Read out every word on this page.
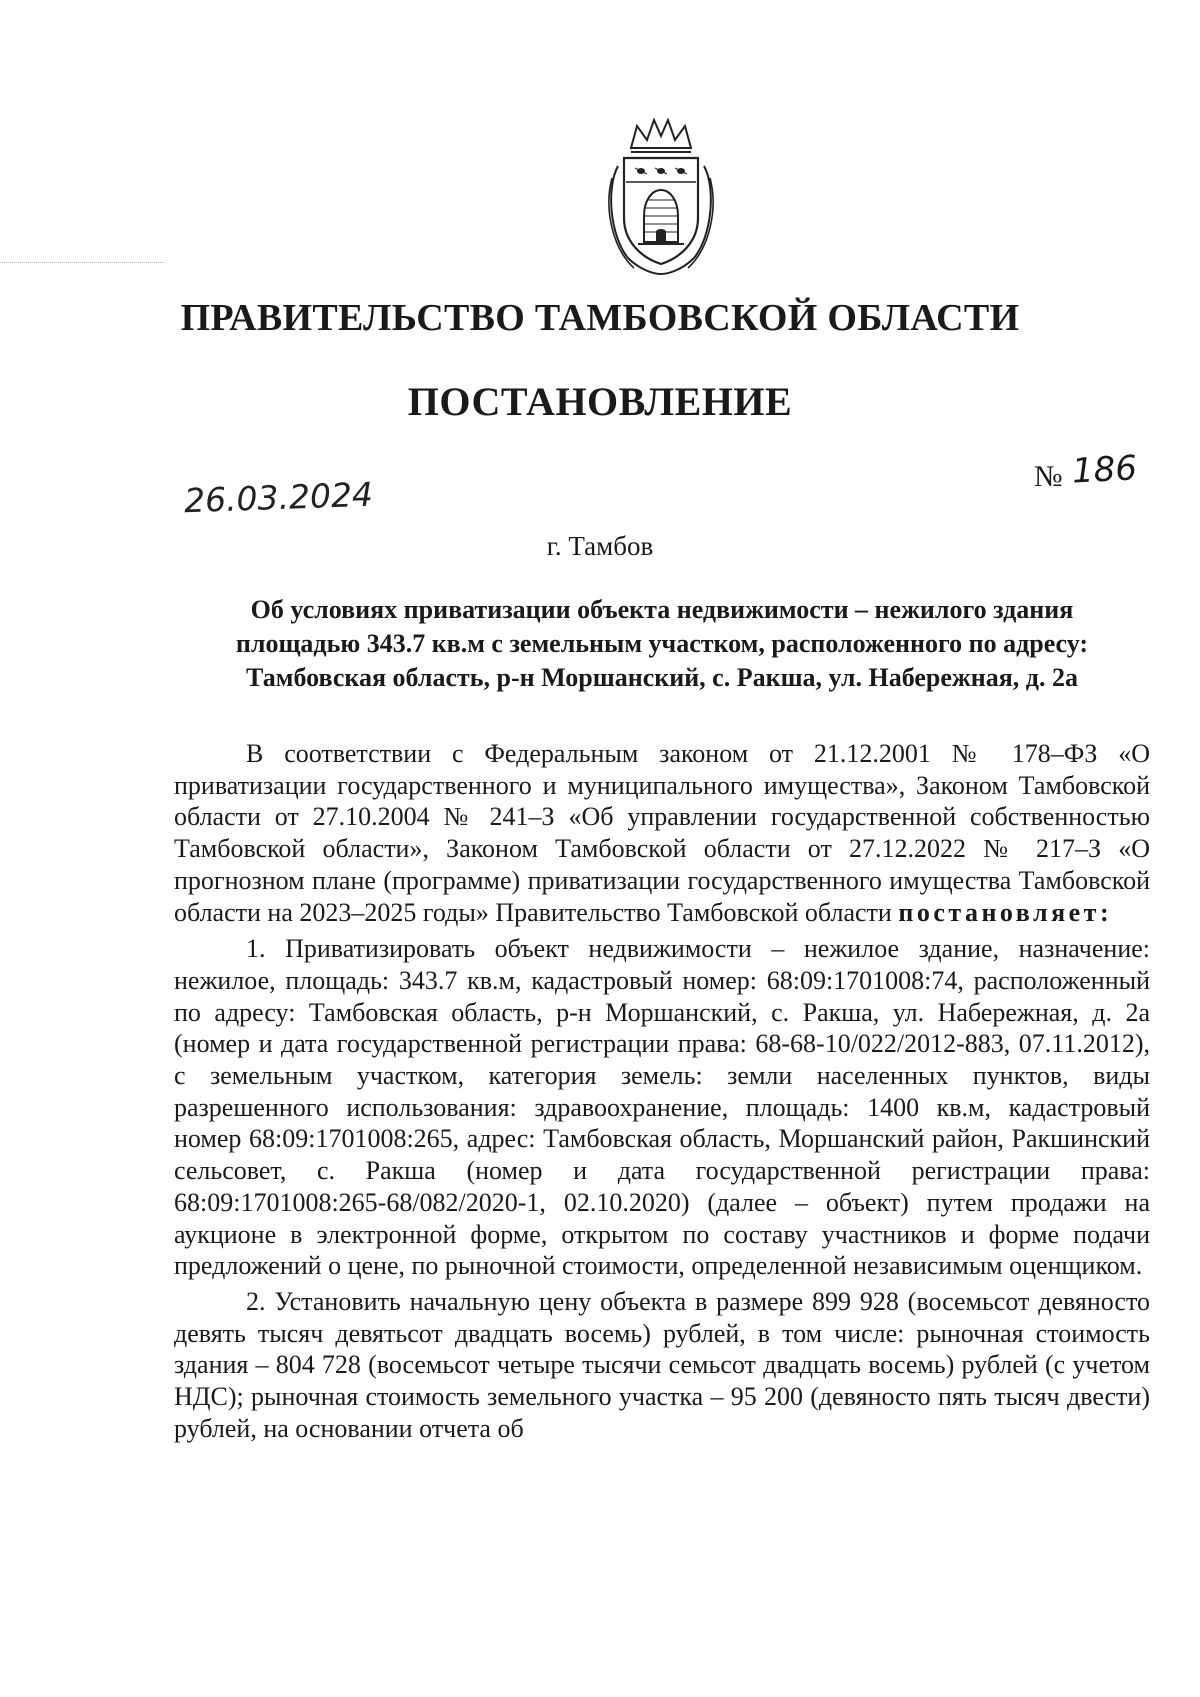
ПРАВИТЕЛЬСТВО ТАМБОВСКОЙ ОБЛАСТИ
ПОСТАНОВЛЕНИЕ
26.03.2024	№ 186
г. Тамбов
Об условиях приватизации объекта недвижимости – нежилого здания
площадью 343.7 кв.м с земельным участком, расположенного по адресу:
Тамбовская область, р-н Моршанский, с. Ракша, ул. Набережная, д. 2а

В соответствии с Федеральным законом от 21.12.2001 № 178–ФЗ «О приватизации государственного и муниципального имущества», Законом Тамбовской области от 27.10.2004 № 241–З «Об управлении государственной собственностью Тамбовской области», Законом Тамбовской области от 27.12.2022 № 217–З «О прогнозном плане (программе) приватизации государственного имущества Тамбовской области на 2023–2025 годы» Правительство Тамбовской области постановляет:

1. Приватизировать объект недвижимости – нежилое здание, назначение: нежилое, площадь: 343.7 кв.м, кадастровый номер: 68:09:1701008:74, расположенный по адресу: Тамбовская область, р-н Моршанский, с. Ракша, ул. Набережная, д. 2а (номер и дата государственной регистрации права: 68-68-10/022/2012-883, 07.11.2012), с земельным участком, категория земель: земли населенных пунктов, виды разрешенного использования: здравоохранение, площадь: 1400 кв.м, кадастровый номер 68:09:1701008:265, адрес: Тамбовская область, Моршанский район, Ракшинский сельсовет, с. Ракша (номер и дата государственной регистрации права: 68:09:1701008:265-68/082/2020-1, 02.10.2020) (далее – объект) путем продажи на аукционе в электронной форме, открытом по составу участников и форме подачи предложений о цене, по рыночной стоимости, определенной независимым оценщиком.

2. Установить начальную цену объекта в размере 899 928 (восемьсот девяносто девять тысяч девятьсот двадцать восемь) рублей, в том числе: рыночная стоимость здания – 804 728 (восемьсот четыре тысячи семьсот двадцать восемь) рублей (с учетом НДС); рыночная стоимость земельного участка – 95 200 (девяносто пять тысяч двести) рублей, на основании отчета об
